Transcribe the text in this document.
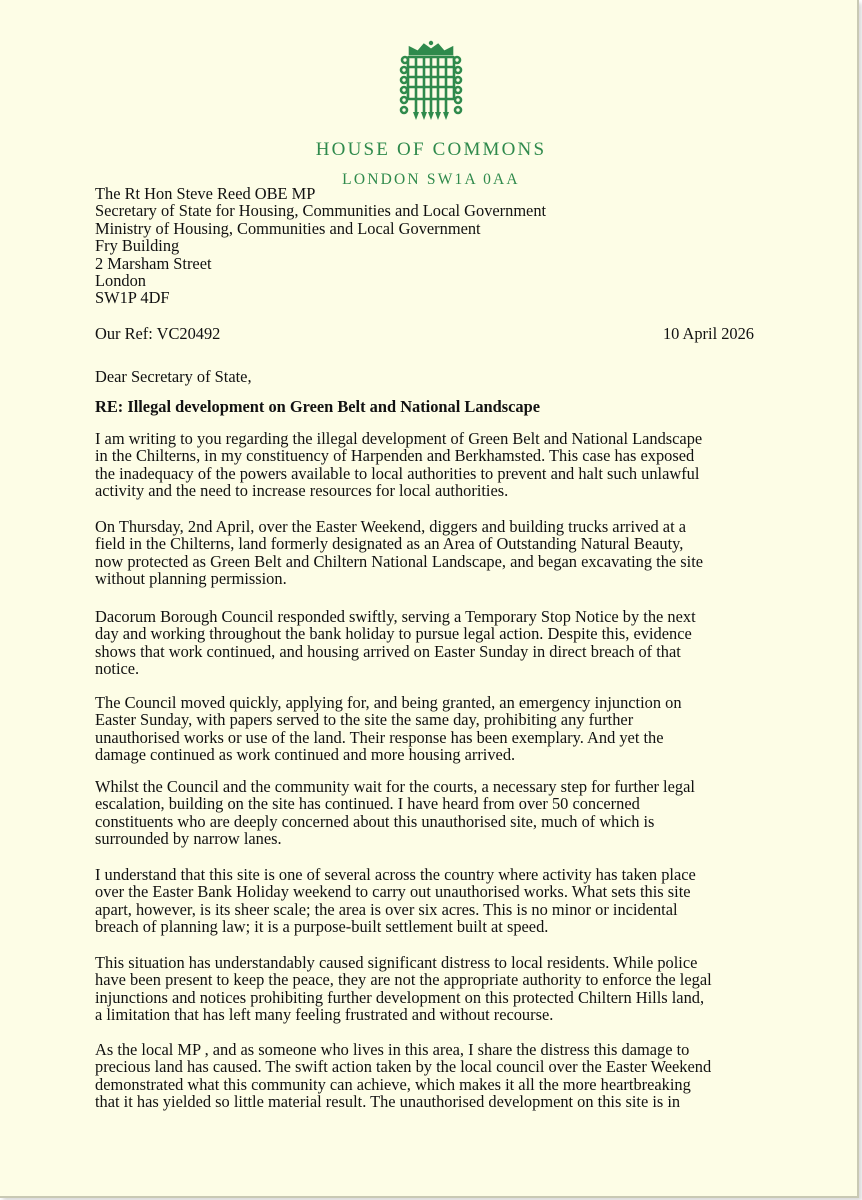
HOUSE OF COMMONS
LONDON SW1A 0AA
The Rt Hon Steve Reed OBE MP
Secretary of State for Housing, Communities and Local Government
Ministry of Housing, Communities and Local Government
Fry Building
2 Marsham Street
London
SW1P 4DF
Our Ref: VC20492	10 April 2026
Dear Secretary of State,
RE: Illegal development on Green Belt and National Landscape
I am writing to you regarding the illegal development of Green Belt and National Landscape
in the Chilterns, in my constituency of Harpenden and Berkhamsted. This case has exposed
the inadequacy of the powers available to local authorities to prevent and halt such unlawful
activity and the need to increase resources for local authorities.
On Thursday, 2nd April, over the Easter Weekend, diggers and building trucks arrived at a
field in the Chilterns, land formerly designated as an Area of Outstanding Natural Beauty,
now protected as Green Belt and Chiltern National Landscape, and began excavating the site
without planning permission.
Dacorum Borough Council responded swiftly, serving a Temporary Stop Notice by the next
day and working throughout the bank holiday to pursue legal action. Despite this, evidence
shows that work continued, and housing arrived on Easter Sunday in direct breach of that
notice.
The Council moved quickly, applying for, and being granted, an emergency injunction on
Easter Sunday, with papers served to the site the same day, prohibiting any further
unauthorised works or use of the land. Their response has been exemplary. And yet the
damage continued as work continued and more housing arrived.
Whilst the Council and the community wait for the courts, a necessary step for further legal
escalation, building on the site has continued. I have heard from over 50 concerned
constituents who are deeply concerned about this unauthorised site, much of which is
surrounded by narrow lanes.
I understand that this site is one of several across the country where activity has taken place
over the Easter Bank Holiday weekend to carry out unauthorised works. What sets this site
apart, however, is its sheer scale; the area is over six acres. This is no minor or incidental
breach of planning law; it is a purpose-built settlement built at speed.
This situation has understandably caused significant distress to local residents. While police
have been present to keep the peace, they are not the appropriate authority to enforce the legal
injunctions and notices prohibiting further development on this protected Chiltern Hills land,
a limitation that has left many feeling frustrated and without recourse.
As the local MP , and as someone who lives in this area, I share the distress this damage to
precious land has caused. The swift action taken by the local council over the Easter Weekend
demonstrated what this community can achieve, which makes it all the more heartbreaking
that it has yielded so little material result. The unauthorised development on this site is in
